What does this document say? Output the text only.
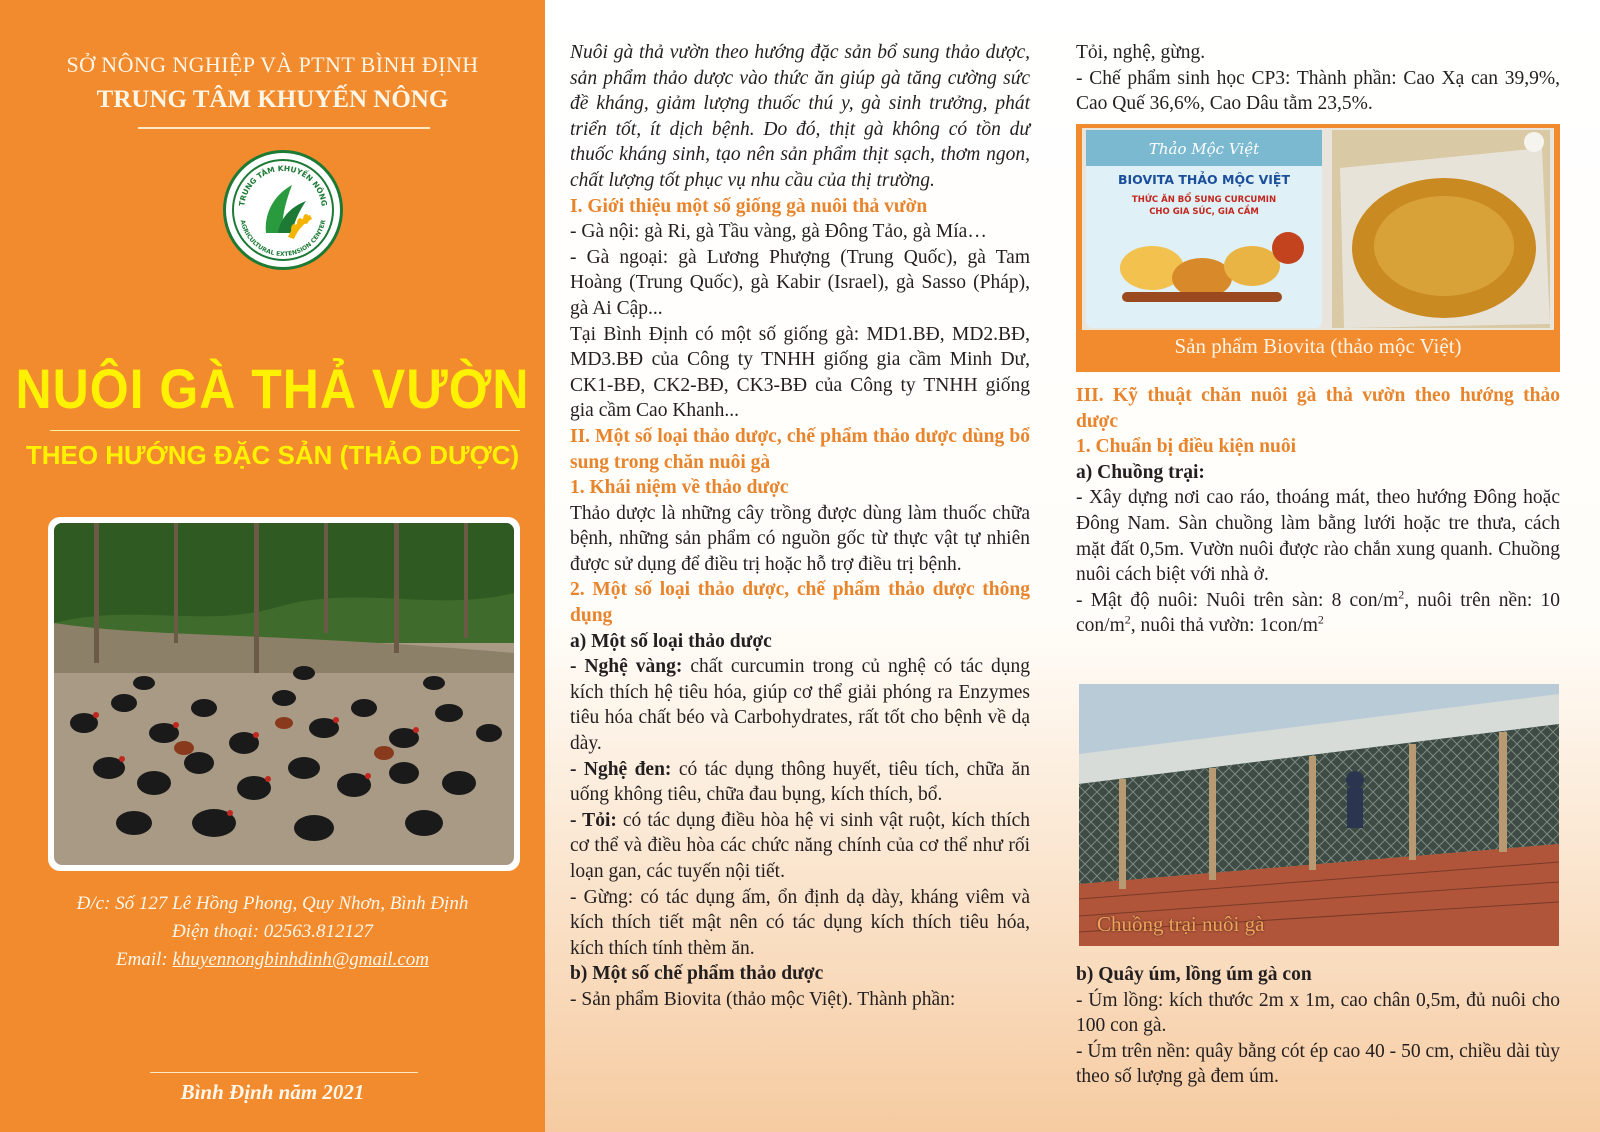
SỞ NÔNG NGHIỆP VÀ PTNT BÌNH ĐỊNH
TRUNG TÂM KHUYẾN NÔNG
TRUNG TÂM KHUYẾN NÔNG
AGRICULTURAL EXTENSION CENTER
NUÔI GÀ THẢ VƯỜN
THEO HƯỚNG ĐẶC SẢN (THẢO DƯỢC)
Đ/c: Số 127 Lê Hồng Phong, Quy Nhơn, Bình Định
Điện thoại: 02563.812127
Email: khuyennongbinhdinh@gmail.com
Bình Định năm 2021

Nuôi gà thả vườn theo hướng đặc sản bổ sung thảo dược, sản phẩm thảo dược vào thức ăn giúp gà tăng cường sức đề kháng, giảm lượng thuốc thú y, gà sinh trưởng, phát triển tốt, ít dịch bệnh. Do đó, thịt gà không có tồn dư thuốc kháng sinh, tạo nên sản phẩm thịt sạch, thơm ngon, chất lượng tốt phục vụ nhu cầu của thị trường.

I. Giới thiệu một số giống gà nuôi thả vườn

- Gà nội: gà Ri, gà Tầu vàng, gà Đông Tảo, gà Mía…

- Gà ngoại: gà Lương Phượng (Trung Quốc), gà Tam Hoàng (Trung Quốc), gà Kabir (Israel), gà Sasso (Pháp), gà Ai Cập...

Tại Bình Định có một số giống gà: MD1.BĐ, MD2.BĐ, MD3.BĐ của Công ty TNHH giống gia cầm Minh Dư, CK1-BĐ, CK2-BĐ, CK3-BĐ của Công ty TNHH giống gia cầm Cao Khanh...

II. Một số loại thảo dược, chế phẩm thảo dược dùng bổ sung trong chăn nuôi gà

1. Khái niệm về thảo dược

Thảo dược là những cây trồng được dùng làm thuốc chữa bệnh, những sản phẩm có nguồn gốc từ thực vật tự nhiên được sử dụng để điều trị hoặc hỗ trợ điều trị bệnh.

2. Một số loại thảo dược, chế phẩm thảo dược thông dụng

a) Một số loại thảo dược

- Nghệ vàng: chất curcumin trong củ nghệ có tác dụng kích thích hệ tiêu hóa, giúp cơ thể giải phóng ra Enzymes tiêu hóa chất béo và Carbohydrates, rất tốt cho bệnh về dạ dày.

- Nghệ đen: có tác dụng thông huyết, tiêu tích, chữa ăn uống không tiêu, chữa đau bụng, kích thích, bổ.

- Tỏi: có tác dụng điều hòa hệ vi sinh vật ruột, kích thích cơ thể và điều hòa các chức năng chính của cơ thể như rối loạn gan, các tuyến nội tiết.

- Gừng: có tác dụng ấm, ổn định dạ dày, kháng viêm và kích thích tiết mật nên có tác dụng kích thích tiêu hóa, kích thích tính thèm ăn.

b) Một số chế phẩm thảo dược

- Sản phẩm Biovita (thảo mộc Việt). Thành phần:

Tỏi, nghệ, gừng.

- Chế phẩm sinh học CP3: Thành phần: Cao Xạ can 39,9%, Cao Quế 36,6%, Cao Dâu tằm 23,5%.

Thảo Mộc Việt
BIOVITA THẢO MỘC VIỆT
THỨC ĂN BỔ SUNG CURCUMIN
CHO GIA SÚC, GIA CẦM
Sản phẩm Biovita (thảo mộc Việt)

III. Kỹ thuật chăn nuôi gà thả vườn theo hướng thảo dược

1. Chuẩn bị điều kiện nuôi

a) Chuồng trại:

- Xây dựng nơi cao ráo, thoáng mát, theo hướng Đông hoặc Đông Nam. Sàn chuồng làm bằng lưới hoặc tre thưa, cách mặt đất 0,5m. Vườn nuôi được rào chắn xung quanh. Chuồng nuôi cách biệt với nhà ở.

- Mật độ nuôi: Nuôi trên sàn: 8 con/$m^2$, nuôi trên nền: 10 con/$m^2$, nuôi thả vườn: $1con/m^2$

Chuồng trại nuôi gà

b) Quây úm, lồng úm gà con

- Úm lồng: kích thước 2m x 1m, cao chân 0,5m, đủ nuôi cho 100 con gà.

- Úm trên nền: quây bằng cót ép cao 40 - 50 cm, chiều dài tùy theo số lượng gà đem úm.
